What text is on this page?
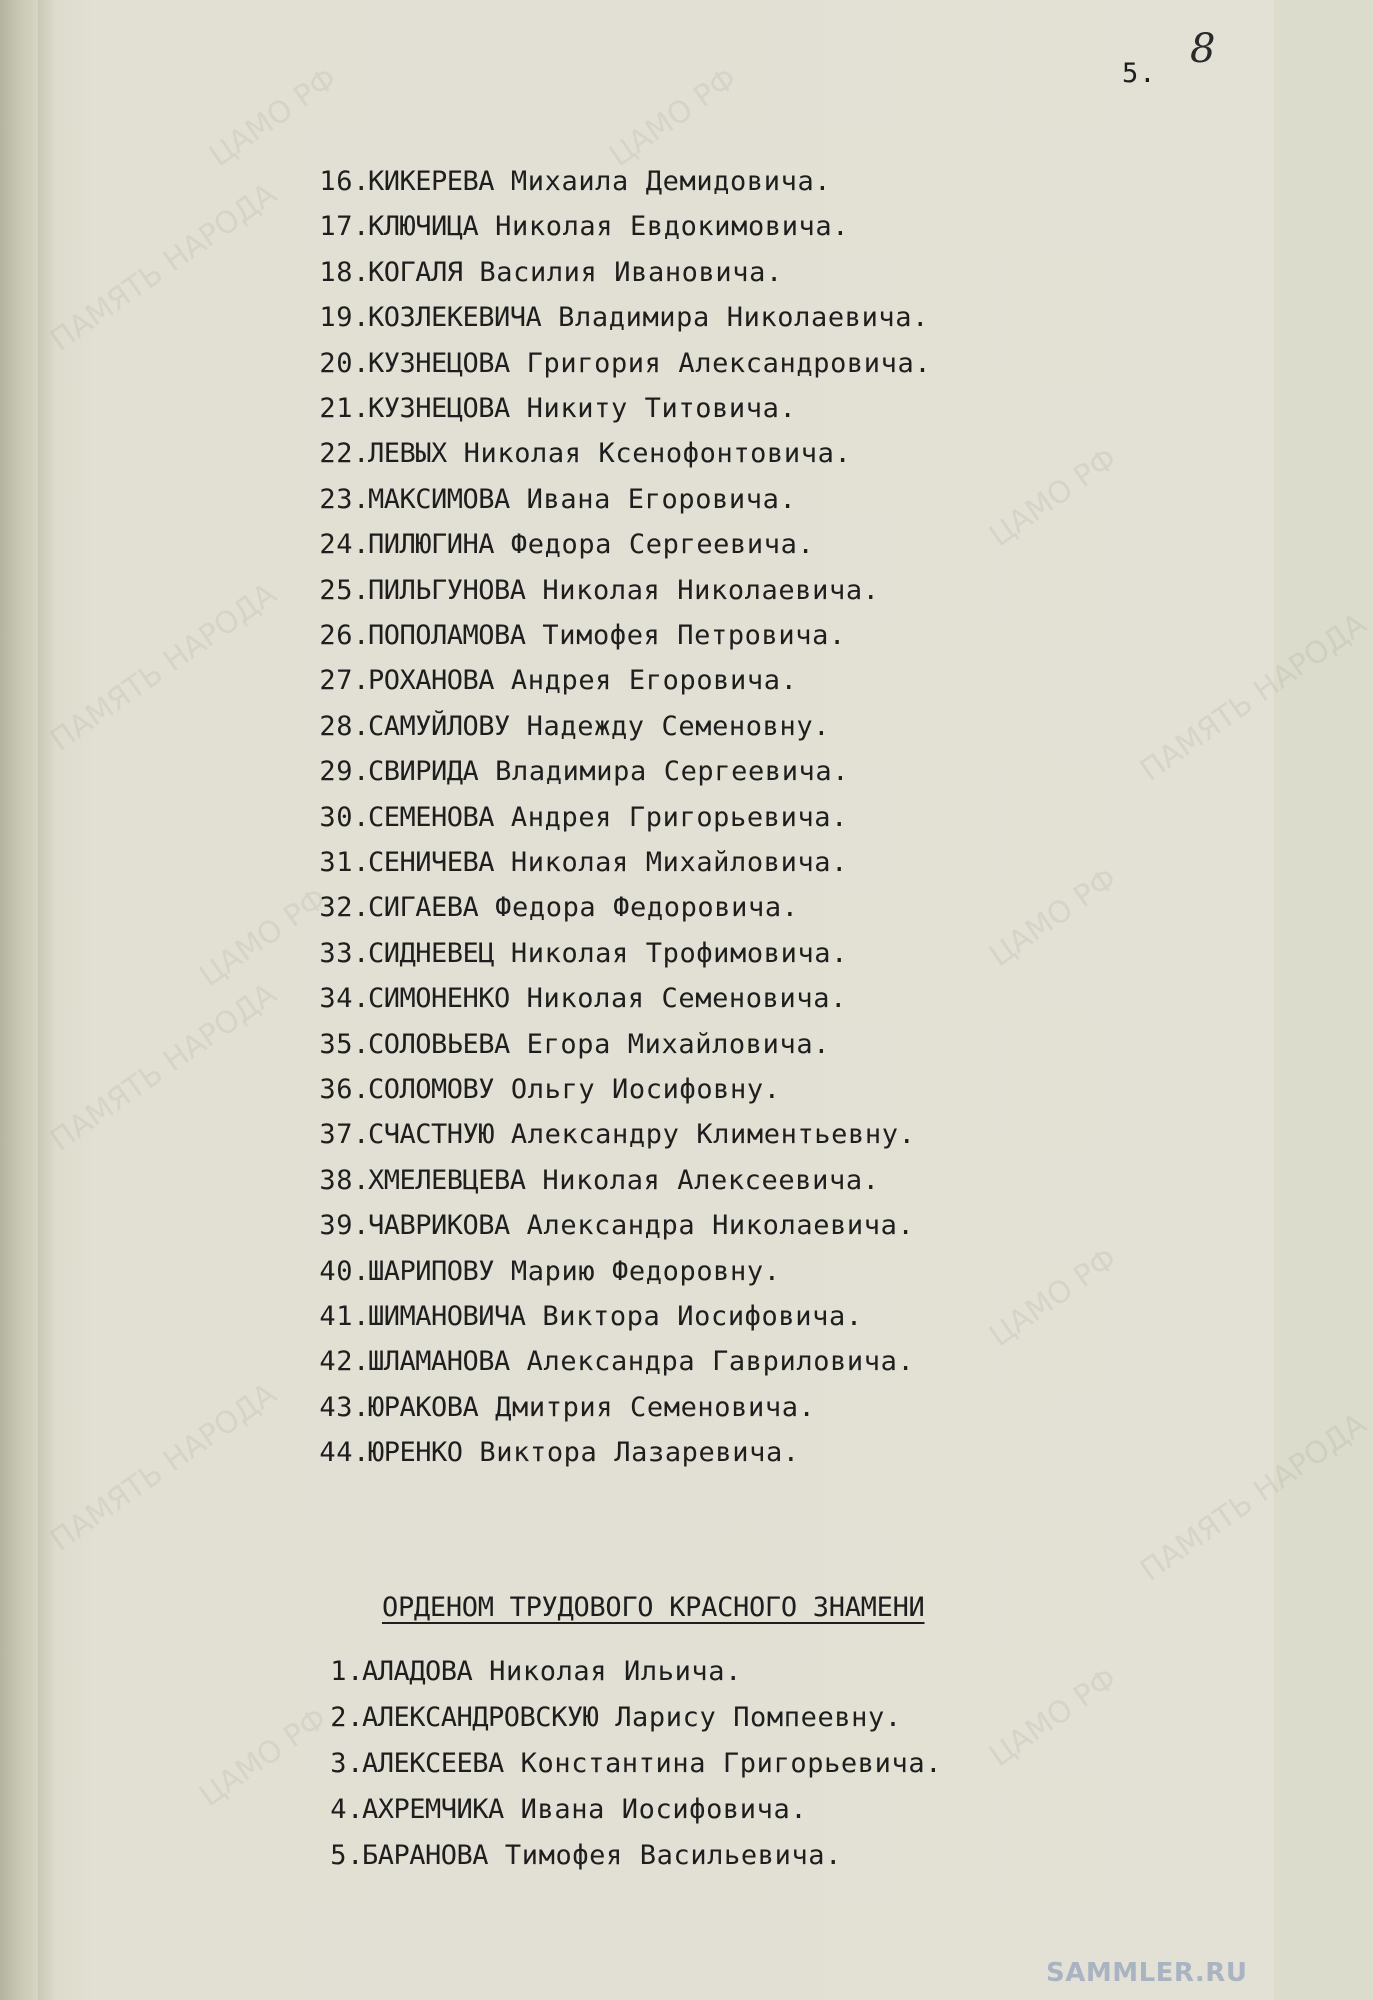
НАРОДА
НАРОДА
5.
8
16.
КИКЕРЕВА Михаила Демидовича.
17.
КЛЮЧИЦА Николая Евдокимовича.
18.
КОГАЛЯ Василия Ивановича.
19.
КОЗЛЕКЕВИЧА Владимира Николаевича.
20.
КУЗНЕЦОВА Григория Александровича.
21.
КУЗНЕЦОВА Никиту Титовича.
22.
ЛЕВЫХ Николая Ксенофонтовича.
23.
МАКСИМОВА Ивана Егоровича.
24.
ПИЛЮГИНА Федора Сергеевича.
25.
ПИЛЬГУНОВА Николая Николаевича.
26.
ПОПОЛАМОВА Тимофея Петровича.
27.
РОХАНОВА Андрея Егоровича.
28.
САМУЙЛОВУ Надежду Семеновну.
29.
СВИРИДА Владимира Сергеевича.
30.
СЕМЕНОВА Андрея Григорьевича.
31.
СЕНИЧЕВА Николая Михайловича.
32.
СИГАЕВА Федора Федоровича.
33.
СИДНЕВЕЦ Николая Трофимовича.
34.
СИМОНЕНКО Николая Семеновича.
35.
СОЛОВЬЕВА Егора Михайловича.
36.
СОЛОМОВУ Ольгу Иосифовну.
37.
СЧАСТНУЮ Александру Климентьевну.
38.
ХМЕЛЕВЦЕВА Николая Алексеевича.
39.
ЧАВРИКОВА Александра Николаевича.
40.
ШАРИПОВУ Марию Федоровну.
41.
ШИМАНОВИЧА Виктора Иосифовича.
42.
ШЛАМАНОВА Александра Гавриловича.
43.
ЮРАКОВА Дмитрия Семеновича.
44.
ЮРЕНКО Виктора Лазаревича.
ОРДЕНОМ ТРУДОВОГО КРАСНОГО ЗНАМЕНИ
1.
АЛАДОВА Николая Ильича.
2.
АЛЕКСАНДРОВСКУЮ Ларису Помпеевну.
3.
АЛЕКСЕЕВА Константина Григорьевича.
4.
АХРЕМЧИКА Ивана Иосифовича.
5.
БАРАНОВА Тимофея Васильевича.
SAMMLER.RU
